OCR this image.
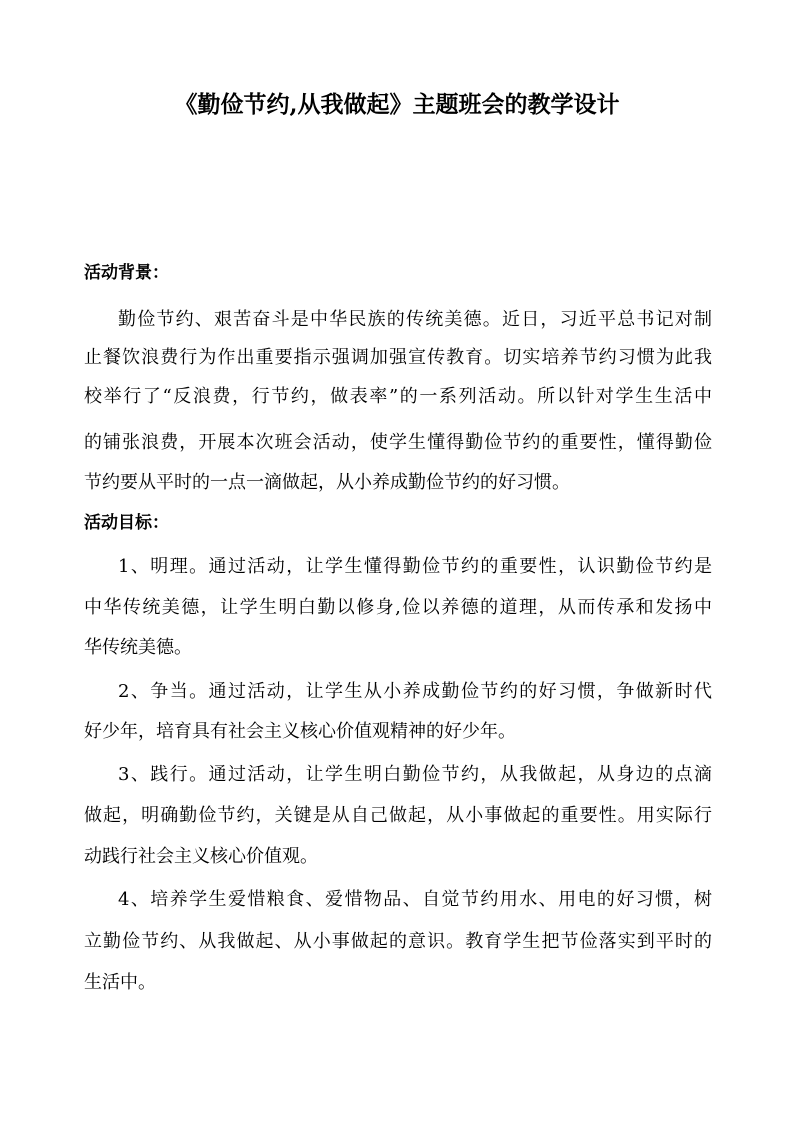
《勤俭节约,从我做起》主题班会的教学设计
活动背景：
勤俭节约、艰苦奋斗是中华民族的传统美德。近日，习近平总书记对制
止餐饮浪费行为作出重要指示强调加强宣传教育。切实培养节约习惯为此我
校举行了“反浪费，行节约，做表率”的一系列活动。所以针对学生生活中
的铺张浪费，开展本次班会活动，使学生懂得勤俭节约的重要性，懂得勤俭
节约要从平时的一点一滴做起，从小养成勤俭节约的好习惯。
活动目标：
1、明理。通过活动，让学生懂得勤俭节约的重要性，认识勤俭节约是
中华传统美德，让学生明白勤以修身,俭以养德的道理，从而传承和发扬中
华传统美德。
2、争当。通过活动，让学生从小养成勤俭节约的好习惯，争做新时代
好少年，培育具有社会主义核心价值观精神的好少年。
3、践行。通过活动，让学生明白勤俭节约，从我做起，从身边的点滴
做起，明确勤俭节约，关键是从自己做起，从小事做起的重要性。用实际行
动践行社会主义核心价值观。
4、培养学生爱惜粮食、爱惜物品、自觉节约用水、用电的好习惯，树
立勤俭节约、从我做起、从小事做起的意识。教育学生把节俭落实到平时的
生活中。
